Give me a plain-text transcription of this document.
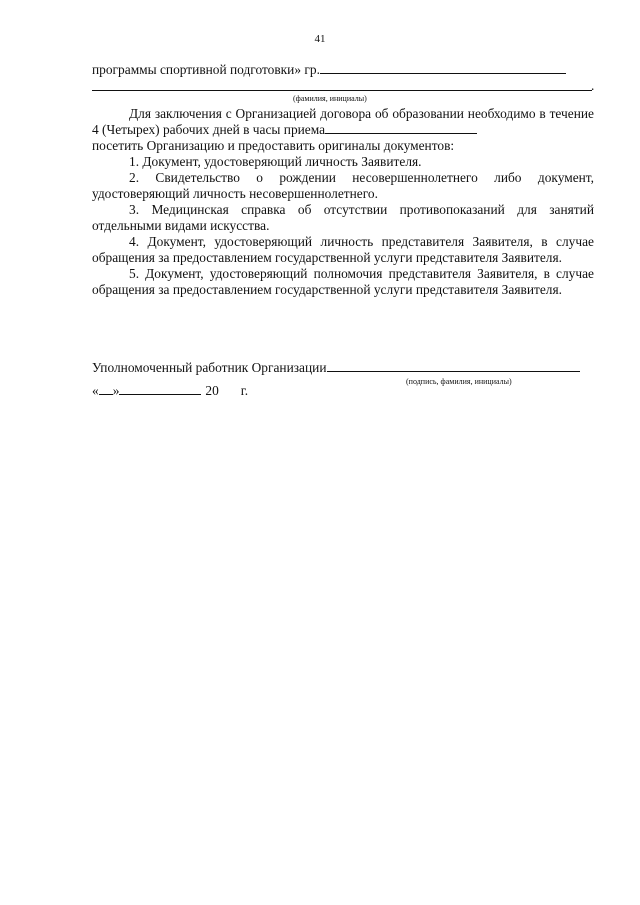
41
программы спортивной подготовки» гр.
.
(фамилия, инициалы)

Для заключения с Организацией договора об образовании необходимо в течение 4 (Четырех) рабочих дней в часы приема

посетить Организацию и предоставить оригиналы документов:
1. Документ, удостоверяющий личность Заявителя.
2. Свидетельство о рождении несовершеннолетнего либо документ, удостоверяющий личность несовершеннолетнего.
3. Медицинская справка об отсутствии противопоказаний для занятий отдельными видами искусства.
4. Документ, удостоверяющий личность представителя Заявителя, в случае обращения за предоставлением государственной услуги представителя Заявителя.
5. Документ, удостоверяющий полномочия представителя Заявителя, в случае обращения за предоставлением государственной услуги представителя Заявителя.
Уполномоченный работник Организации
(подпись, фамилия, инициалы)
« »	20 г.
